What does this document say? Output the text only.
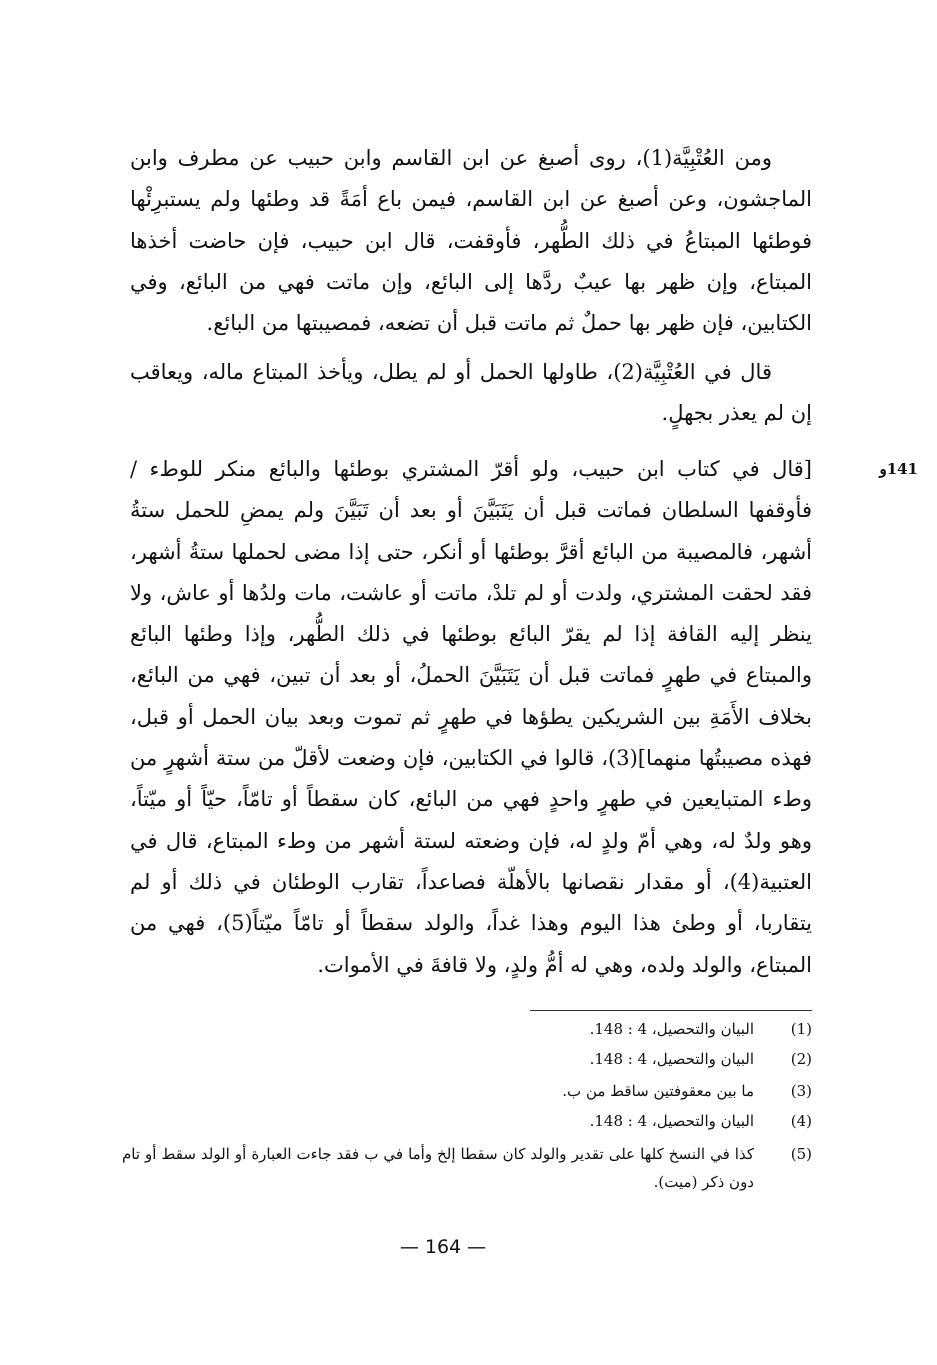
ومن العُتْبِيَّة(1)، روى أصبغ عن ابن القاسم وابن حبيب عن مطرف وابن الماجشون، وعن أصبغ عن ابن القاسم، فيمن باع أمَةً قد وطئها ولم يستبرِئْها فوطئها المبتاعُ في ذلك الطُّهر، فأوقفت، قال ابن حبيب، فإن حاضت أخذها المبتاع، وإن ظهر بها عيبٌ ردَّها إلى البائع، وإن ماتت فهي من البائع، وفي الكتابين، فإن ظهر بها حملٌ ثم ماتت قبل أن تضعه، فمصيبتها من البائع.

قال في العُتْبِيَّة(2)، طاولها الحمل أو لم يطل، ويأخذ المبتاع ماله، ويعاقب إن لم يعذر بجهلٍ.

141و

[قال في كتاب ابن حبيب، ولو أقرّ المشتري بوطئها والبائع منكر للوطء / فأوقفها السلطان فماتت قبل أن يَتَبَيَّنَ أو بعد أن تَبَيَّنَ ولم يمضِ للحمل ستةُ أشهر، فالمصيبة من البائع أقرَّ بوطئها أو أنكر، حتى إذا مضى لحملها ستةُ أشهر، فقد لحقت المشتري، ولدت أو لم تلدْ، ماتت أو عاشت، مات ولدُها أو عاش، ولا ينظر إليه القافة إذا لم يقرّ البائع بوطئها في ذلك الطُّهر، وإذا وطئها البائع والمبتاع في طهرٍ فماتت قبل أن يَتَبَيَّنَ الحملُ، أو بعد أن تبين، فهي من البائع، بخلاف الأَمَةِ بين الشريكين يطؤها في طهرٍ ثم تموت وبعد بيان الحمل أو قبل، فهذه مصيبتُها منهما](3)، قالوا في الكتابين، فإن وضعت لأقلّ من ستة أشهرٍ من وطء المتبايعين في طهرٍ واحدٍ فهي من البائع، كان سقطاً أو تامّاً، حيّاً أو ميّتاً، وهو ولدٌ له، وهي أمّ ولدٍ له، فإن وضعته لستة أشهر من وطء المبتاع، قال في العتبية(4)، أو مقدار نقصانها بالأهلّة فصاعداً، تقارب الوطئان في ذلك أو لم يتقاربا، أو وطئ هذا اليوم وهذا غداً، والولد سقطاً أو تامّاً ميّتاً(5)، فهي من المبتاع، والولد ولده، وهي له أمُّ ولدٍ، ولا قافةَ في الأموات.

(1)
البيان والتحصيل، 4 : 148.
(2)
البيان والتحصيل، 4 : 148.
(3)
ما بين معقوفتين ساقط من ب.
(4)
البيان والتحصيل، 4 : 148.
(5)
كذا في النسخ كلها على تقدير والولد كان سقطا إلخ وأما في ب فقد جاءت العبارة أو الولد سقط أو تام دون ذكر (ميت).
— 164 —
